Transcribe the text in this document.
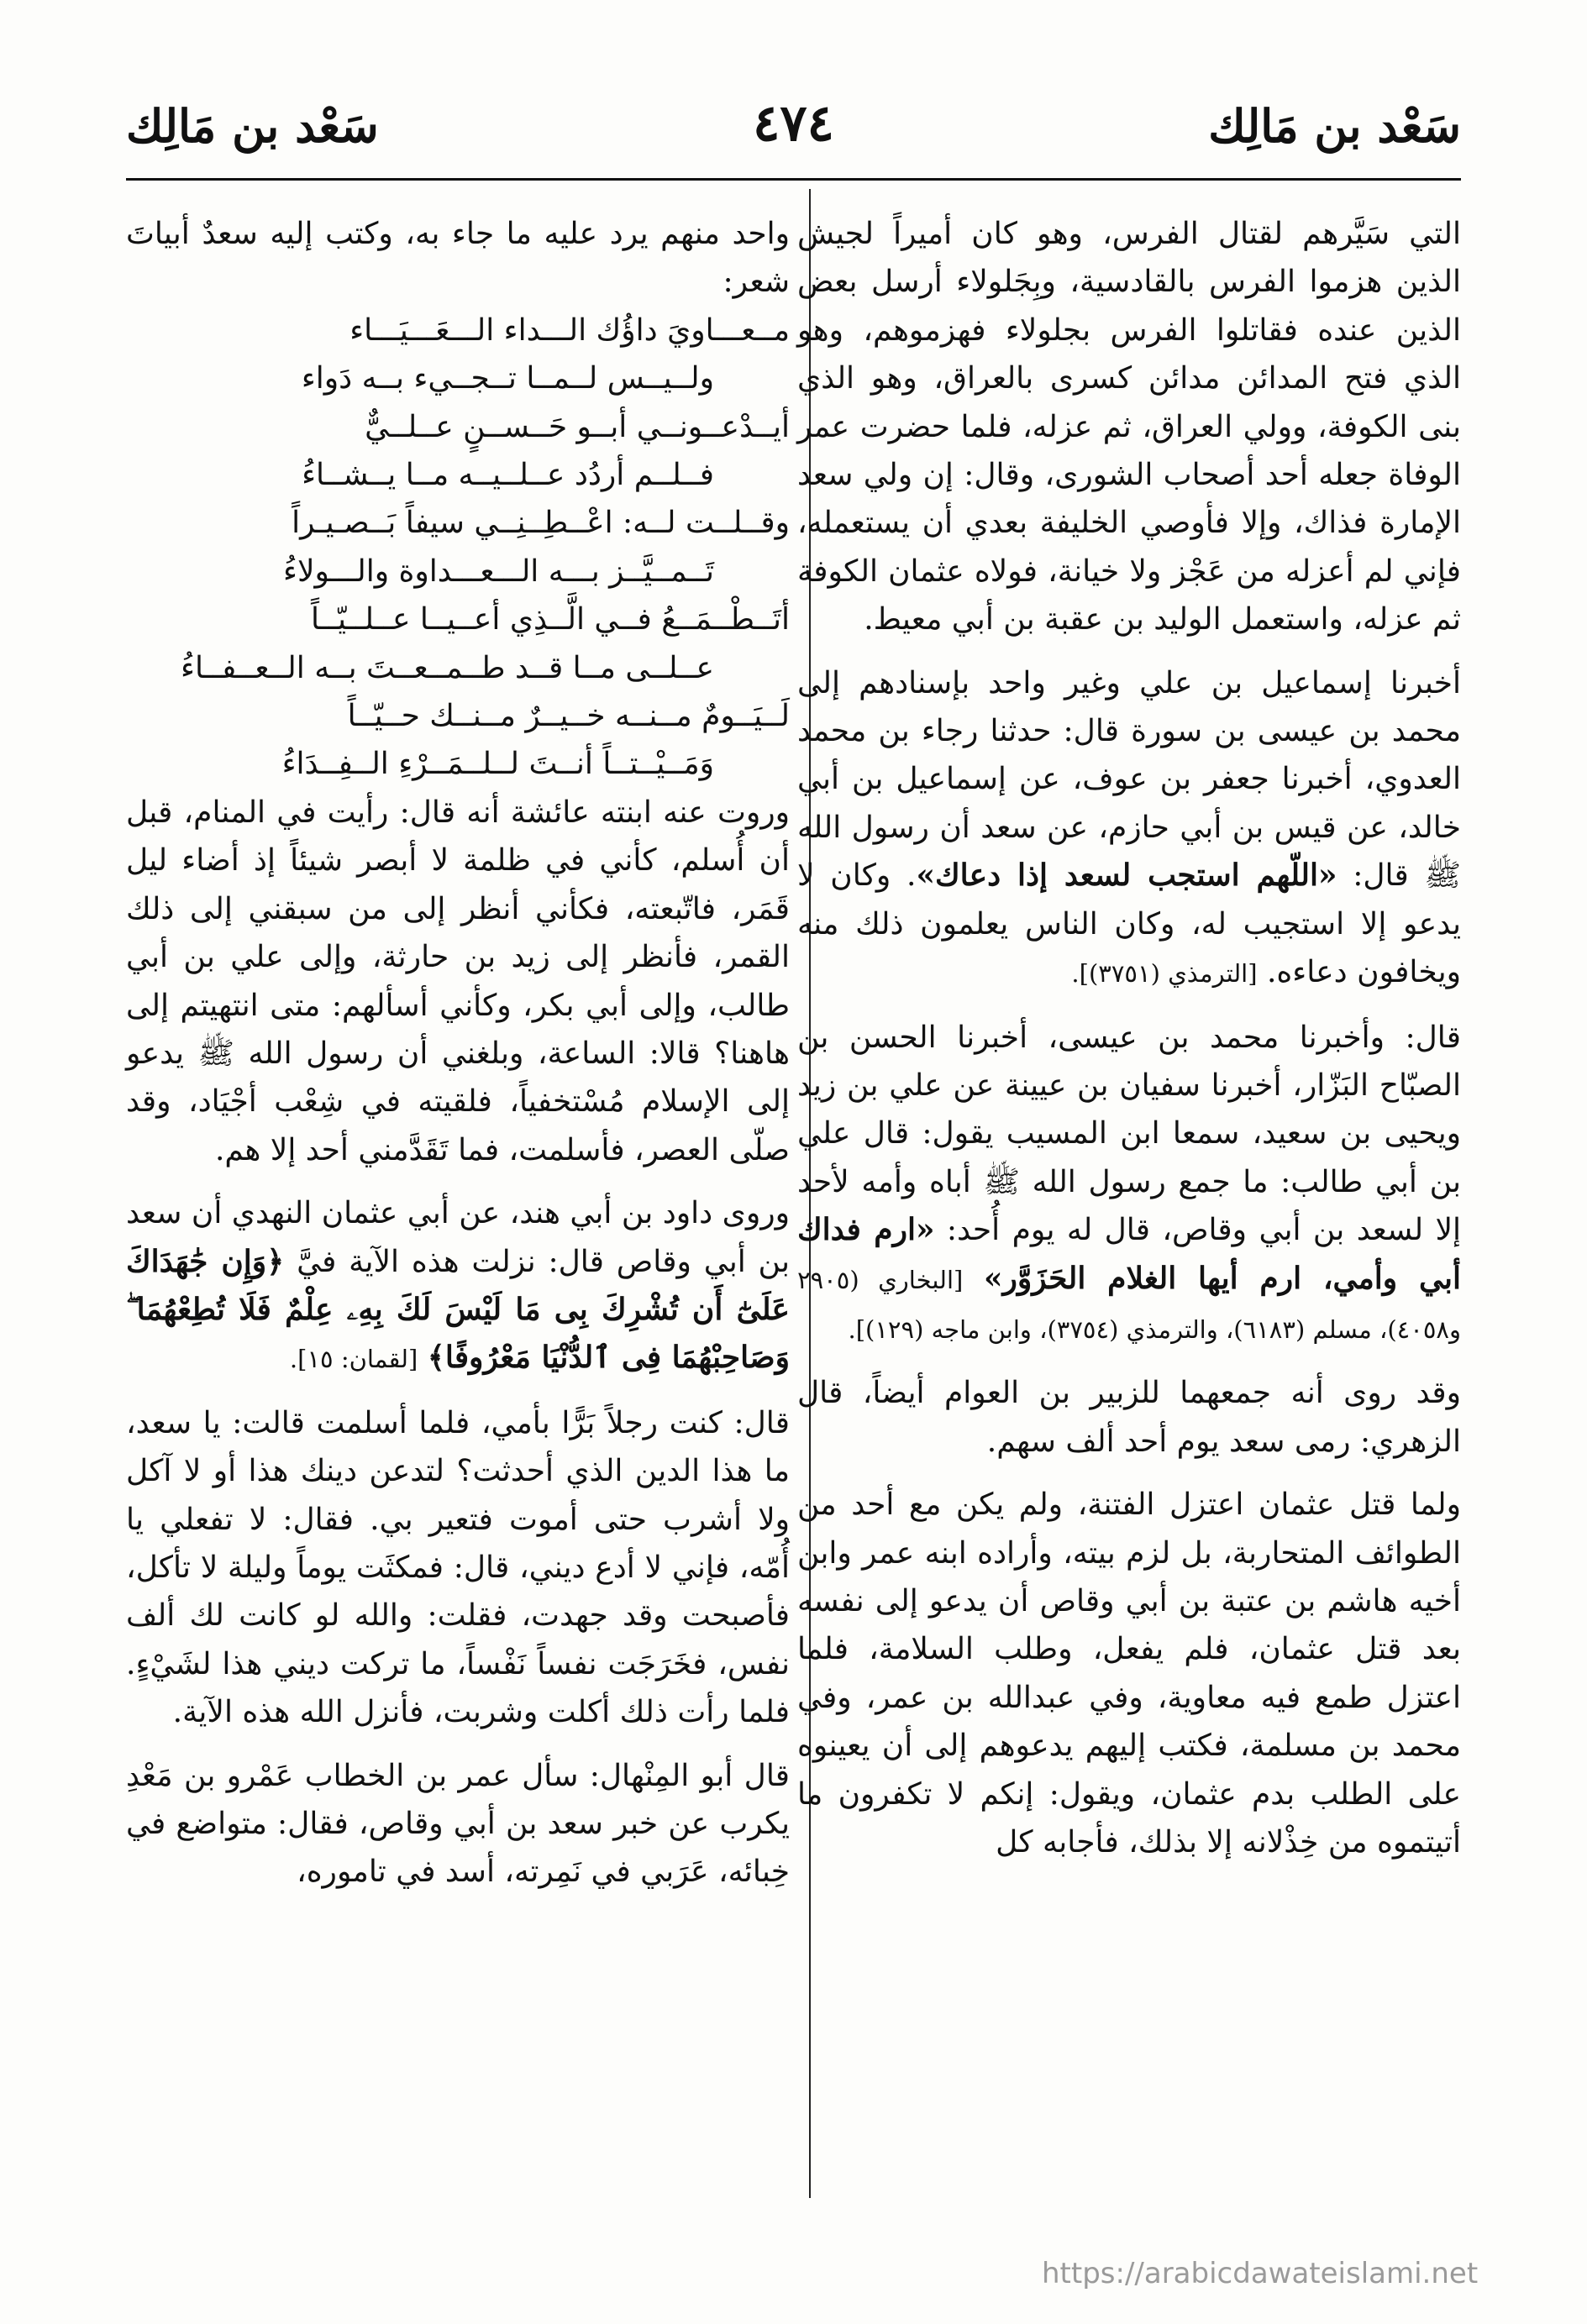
سَعْد بن مَالِك
٤٧٤
سَعْد بن مَالِك

التي سَيَّرهم لقتال الفرس، وهو كان أميراً لجيش الذين هزموا الفرس بالقادسية، وبِجَلولاء أرسل بعض الذين عنده فقاتلوا الفرس بجلولاء فهزموهم، وهو الذي فتح المدائن مدائن كسرى بالعراق، وهو الذي بنى الكوفة، وولي العراق، ثم عزله، فلما حضرت عمر الوفاة جعله أحد أصحاب الشورى، وقال: إن ولي سعد الإمارة فذاك، وإلا فأوصي الخليفة بعدي أن يستعمله، فإني لم أعزله من عَجْز ولا خيانة، فولاه عثمان الكوفة ثم عزله، واستعمل الوليد بن عقبة بن أبي معيط.

أخبرنا إسماعيل بن علي وغير واحد بإسنادهم إلى محمد بن عيسى بن سورة قال: حدثنا رجاء بن محمد العدوي، أخبرنا جعفر بن عوف، عن إسماعيل بن أبي خالد، عن قيس بن أبي حازم، عن سعد أن رسول الله ﷺ قال: «اللّهم استجب لسعد إذا دعاك». وكان لا يدعو إلا استجيب له، وكان الناس يعلمون ذلك منه ويخافون دعاءه. [الترمذي (٣٧٥١)].

قال: وأخبرنا محمد بن عيسى، أخبرنا الحسن بن الصبّاح البَزّار، أخبرنا سفيان بن عيينة عن علي بن زيد ويحيى بن سعيد، سمعا ابن المسيب يقول: قال علي بن أبي طالب: ما جمع رسول الله ﷺ أباه وأمه لأحد إلا لسعد بن أبي وقاص، قال له يوم أُحد: «ارم فداك أبي وأمي، ارم أيها الغلام الحَزَوَّر» [البخاري (٢٩٠٥ و٤٠٥٨)، مسلم (٦١٨٣)، والترمذي (٣٧٥٤)، وابن ماجه (١٢٩)].

وقد روى أنه جمعهما للزبير بن العوام أيضاً، قال الزهري: رمى سعد يوم أحد ألف سهم.

ولما قتل عثمان اعتزل الفتنة، ولم يكن مع أحد من الطوائف المتحاربة، بل لزم بيته، وأراده ابنه عمر وابن أخيه هاشم بن عتبة بن أبي وقاص أن يدعو إلى نفسه بعد قتل عثمان، فلم يفعل، وطلب السلامة، فلما اعتزل طمع فيه معاوية، وفي عبدالله بن عمر، وفي محمد بن مسلمة، فكتب إليهم يدعوهم إلى أن يعينوه على الطلب بدم عثمان، ويقول: إنكم لا تكفرون ما أتيتموه من خِذْلانه إلا بذلك، فأجابه كل

واحد منهم يرد عليه ما جاء به، وكتب إليه سعدٌ أبياتَ شعر:

مــعـــاويَ داؤُك الـــداء الـــعَـــيَـــاء
ولــيــس لــمــا تــجــيء بــه دَواء
أيــدْعــونــي أبــو حَــســنٍ عــلــيٌّ
فــلــم أردُد عــلــيــه مــا يــشــاءُ
وقــلــت لــه: اعْــطِــنِــي سيفاً بَــصـيـراً
تَــمــيَّــز بـــه الـــعـــداوة والـــولاءُ
أتَــطْــمَــعُ فــي الَّــذِي أعــيــا عــلــيّــاً
عــلــى مــا قــد طــمــعــتَ بــه الــعــفــاءُ
لَــيَــومٌ مــنــه خــيــرٌ مــنــك حــيّــاً
وَمَــيْــتــاً أنــتَ لــلــمَــرْءِ الــفِــدَاءُ

وروت عنه ابنته عائشة أنه قال: رأيت في المنام، قبل أن أُسلم، كأني في ظلمة لا أبصر شيئاً إذ أضاء ليل قَمَر، فاتّبعته، فكأني أنظر إلى من سبقني إلى ذلك القمر، فأنظر إلى زيد بن حارثة، وإلى علي بن أبي طالب، وإلى أبي بكر، وكأني أسألهم: متى انتهيتم إلى هاهنا؟ قالا: الساعة، وبلغني أن رسول الله ﷺ يدعو إلى الإسلام مُسْتخفياً، فلقيته في شِعْب أجْيَاد، وقد صلّى العصر، فأسلمت، فما تَقَدَّمني أحد إلا هم.

وروى داود بن أبي هند، عن أبي عثمان النهدي أن سعد بن أبي وقاص قال: نزلت هذه الآية فيَّ ﴿وَإِن جَٰهَدَاكَ عَلَىٰٓ أَن تُشْرِكَ بِى مَا لَيْسَ لَكَ بِهِۦ عِلْمٌ فَلَا تُطِعْهُمَا ۖ وَصَاحِبْهُمَا فِى ٱلدُّنْيَا مَعْرُوفًا﴾ [لقمان: ١٥].

قال: كنت رجلاً بَرًّا بأمي، فلما أسلمت قالت: يا سعد، ما هذا الدين الذي أحدثت؟ لتدعن دينك هذا أو لا آكل ولا أشرب حتى أموت فتعير بي. فقال: لا تفعلي يا أُمّه، فإني لا أدع ديني، قال: فمكثَت يوماً وليلة لا تأكل، فأصبحت وقد جهدت، فقلت: والله لو كانت لك ألف نفس، فخَرَجَت نفساً نَفْساً، ما تركت ديني هذا لشَيْءٍ. فلما رأت ذلك أكلت وشربت، فأنزل الله هذه الآية.

قال أبو المِنْهال: سأل عمر بن الخطاب عَمْرو بن مَعْدِ يكرب عن خبر سعد بن أبي وقاص، فقال: متواضع في خِبائه، عَرَبي في نَمِرته، أسد في تاموره،

https://arabicdawateislami.net
